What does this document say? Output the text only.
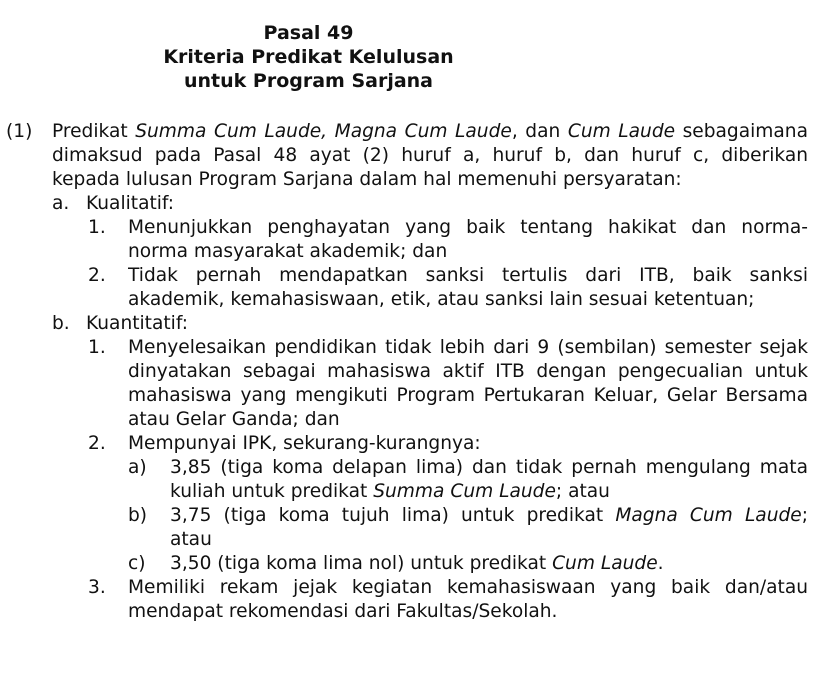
Pasal 49
Kriteria Predikat Kelulusan
untuk Program Sarjana
(1) Predikat Summa Cum Laude, Magna Cum Laude, dan Cum Laude sebagaimana
dimaksud pada Pasal 48 ayat (2) huruf a, huruf b, dan huruf c, diberikan
kepada lulusan Program Sarjana dalam hal memenuhi persyaratan:
a. Kualitatif:
1. Menunjukkan penghayatan yang baik tentang hakikat dan norma-
norma masyarakat akademik; dan
2. Tidak pernah mendapatkan sanksi tertulis dari ITB, baik sanksi
akademik, kemahasiswaan, etik, atau sanksi lain sesuai ketentuan;
b. Kuantitatif:
1. Menyelesaikan pendidikan tidak lebih dari 9 (sembilan) semester sejak
dinyatakan sebagai mahasiswa aktif ITB dengan pengecualian untuk
mahasiswa yang mengikuti Program Pertukaran Keluar, Gelar Bersama
atau Gelar Ganda; dan
2. Mempunyai IPK, sekurang-kurangnya:
a) 3,85 (tiga koma delapan lima) dan tidak pernah mengulang mata
kuliah untuk predikat Summa Cum Laude; atau
b) 3,75 (tiga koma tujuh lima) untuk predikat Magna Cum Laude;
atau
c) 3,50 (tiga koma lima nol) untuk predikat Cum Laude.
3. Memiliki rekam jejak kegiatan kemahasiswaan yang baik dan/atau
mendapat rekomendasi dari Fakultas/Sekolah.
